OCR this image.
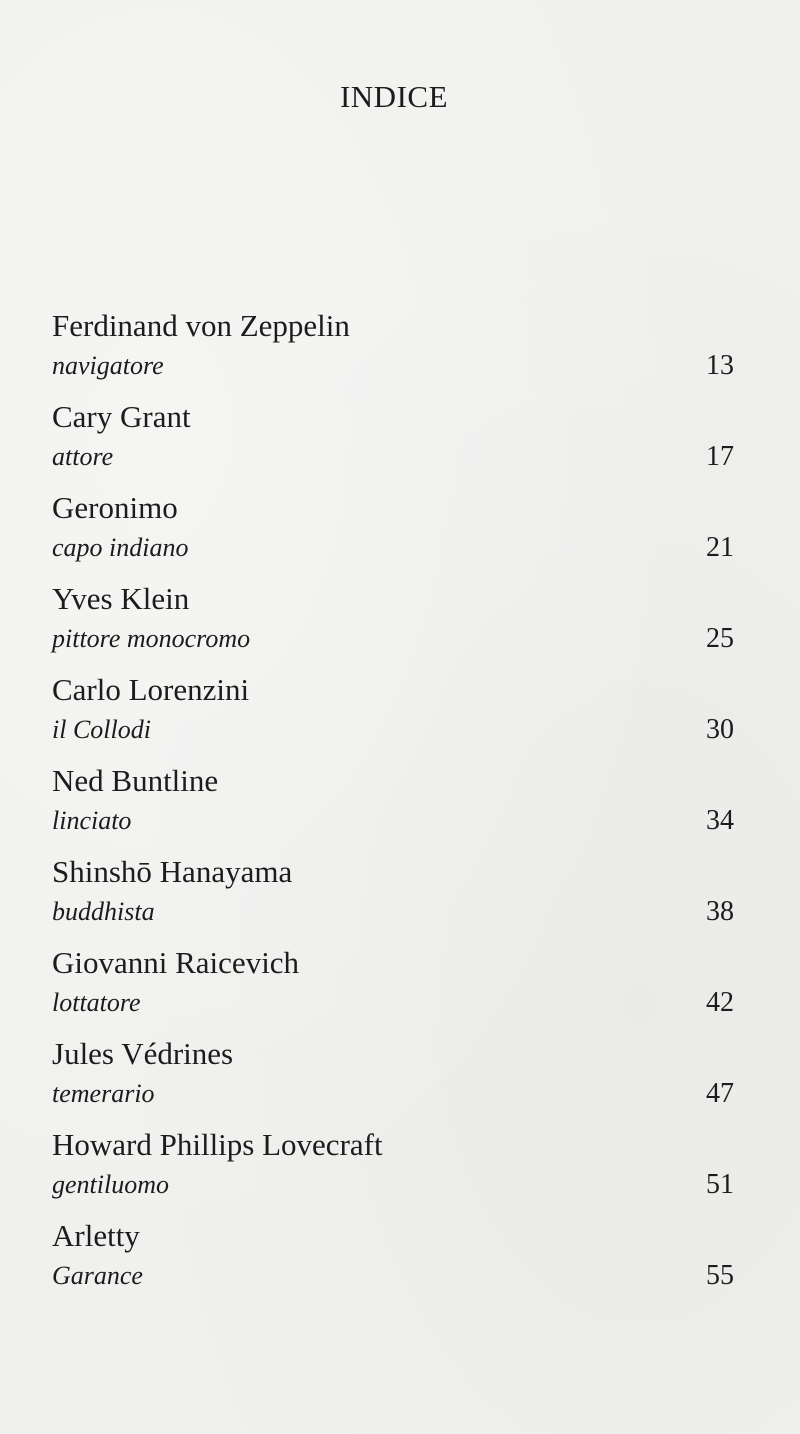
INDICE
Ferdinand von Zeppelin
navigatore	13
Cary Grant
attore	17
Geronimo
capo indiano	21
Yves Klein
pittore monocromo	25
Carlo Lorenzini
il Collodi	30
Ned Buntline
linciato	34
Shinshō Hanayama
buddhista	38
Giovanni Raicevich
lottatore	42
Jules Védrines
temerario	47
Howard Phillips Lovecraft
gentiluomo	51
Arletty
Garance	55
